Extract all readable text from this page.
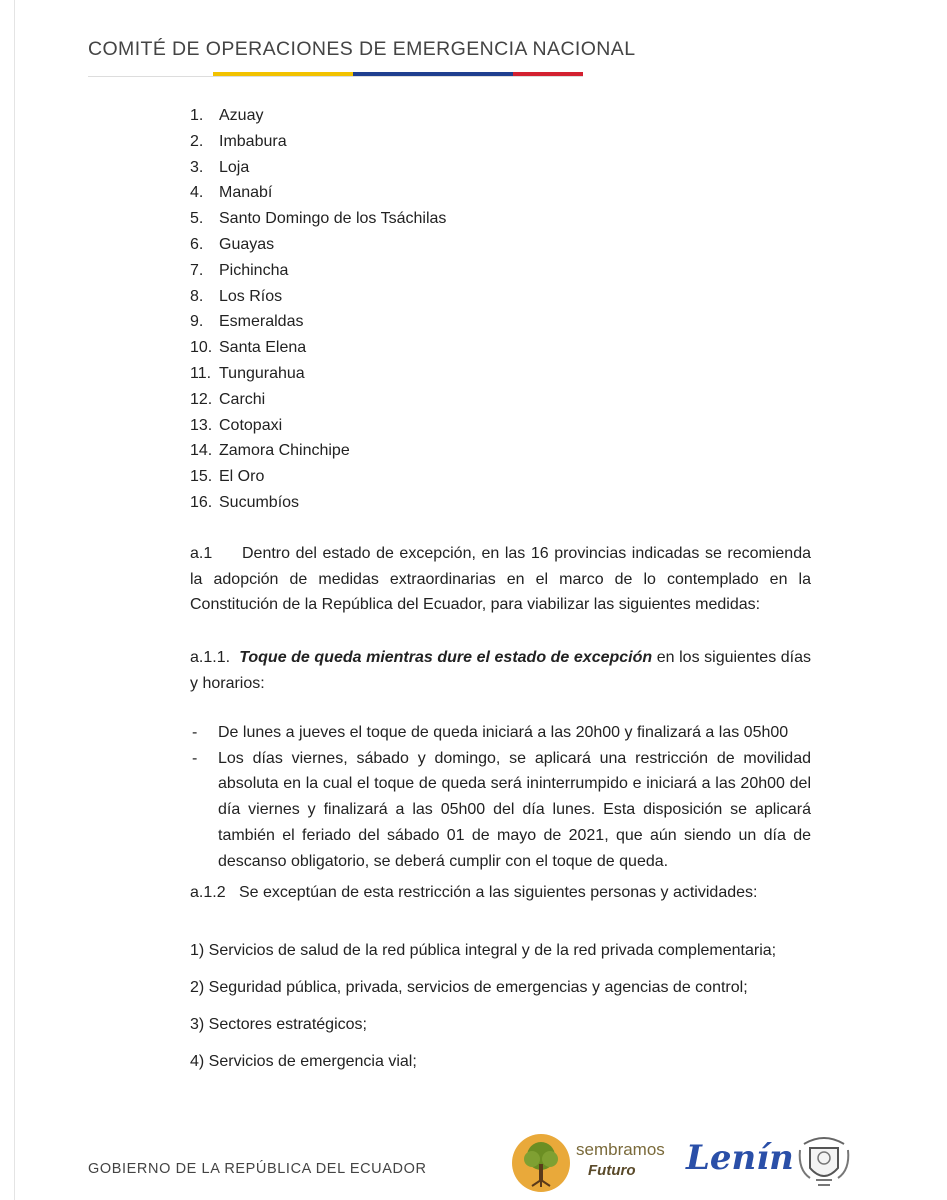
COMITÉ DE OPERACIONES DE EMERGENCIA NACIONAL
1. Azuay
2. Imbabura
3. Loja
4. Manabí
5. Santo Domingo de los Tsáchilas
6. Guayas
7. Pichincha
8. Los Ríos
9. Esmeraldas
10. Santa Elena
11. Tungurahua
12. Carchi
13. Cotopaxi
14. Zamora Chinchipe
15. El Oro
16. Sucumbíos

a.1 Dentro del estado de excepción, en las 16 provincias indicadas se recomienda la adopción de medidas extraordinarias en el marco de lo contemplado en la Constitución de la República del Ecuador, para viabilizar las siguientes medidas:

a.1.1. Toque de queda mientras dure el estado de excepción en los siguientes días y horarios:

- De lunes a jueves el toque de queda iniciará a las 20h00 y finalizará a las 05h00
- Los días viernes, sábado y domingo, se aplicará una restricción de movilidad absoluta en la cual el toque de queda será ininterrumpido e iniciará a las 20h00 del día viernes y finalizará a las 05h00 del día lunes. Esta disposición se aplicará también el feriado del sábado 01 de mayo de 2021, que aún siendo un día de descanso obligatorio, se deberá cumplir con el toque de queda.

a.1.2 Se exceptúan de esta restricción a las siguientes personas y actividades:

1) Servicios de salud de la red pública integral y de la red privada complementaria;
2) Seguridad pública, privada, servicios de emergencias y agencias de control;
3) Sectores estratégicos;
4) Servicios de emergencia vial;
GOBIERNO DE LA REPÚBLICA DEL ECUADOR
sembramos
Futuro Lenín
